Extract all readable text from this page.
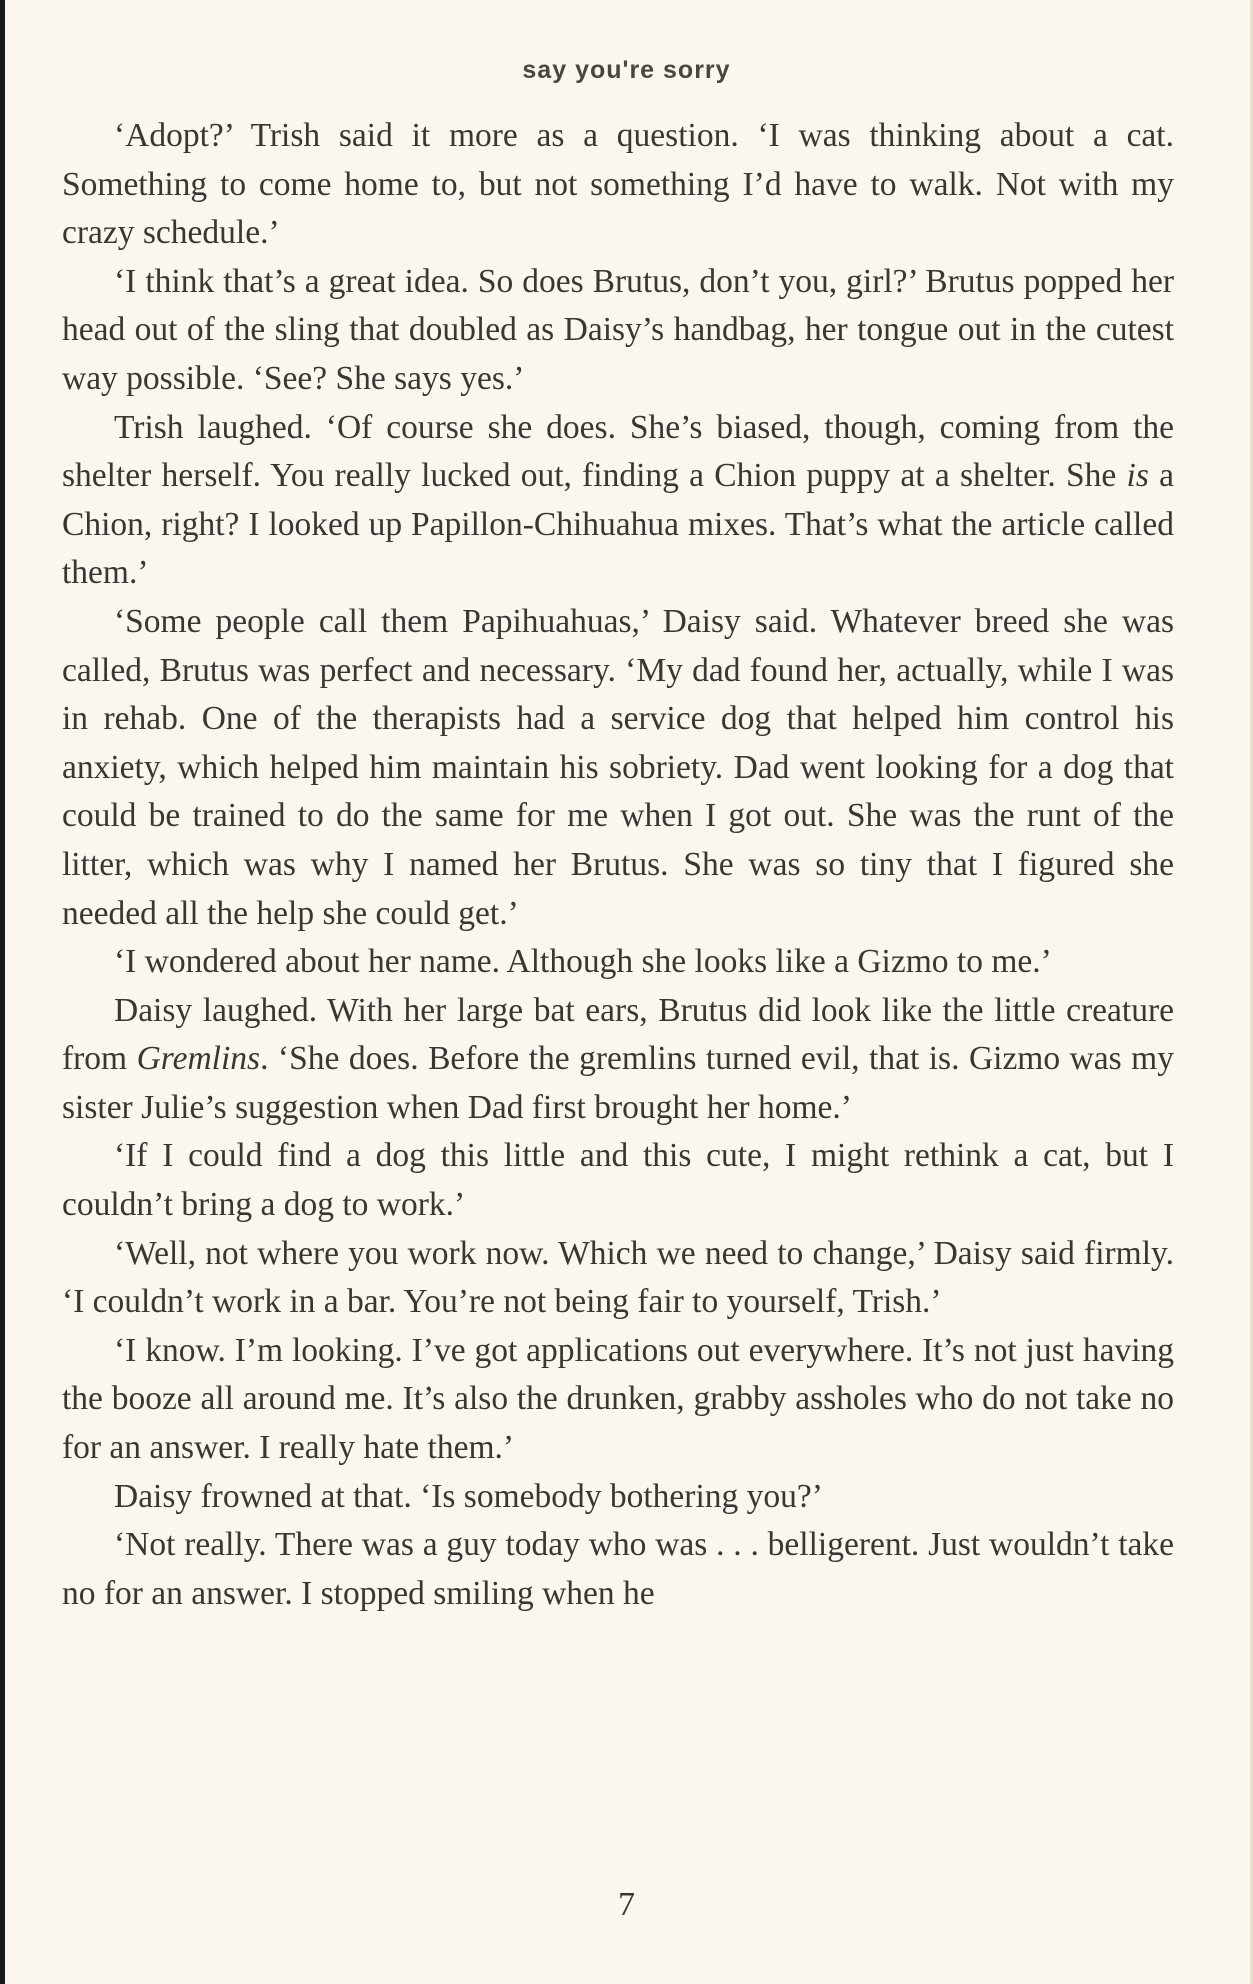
say you're sorry

‘Adopt?’ Trish said it more as a question. ‘I was thinking about a cat. Something to come home to, but not something I’d have to walk. Not with my crazy schedule.’

‘I think that’s a great idea. So does Brutus, don’t you, girl?’ Brutus popped her head out of the sling that doubled as Daisy’s handbag, her tongue out in the cutest way possible. ‘See? She says yes.’

Trish laughed. ‘Of course she does. She’s biased, though, coming from the shelter herself. You really lucked out, finding a Chion puppy at a shelter. She is a Chion, right? I looked up Papillon-Chihuahua mixes. That’s what the article called them.’

‘Some people call them Papihuahuas,’ Daisy said. Whatever breed she was called, Brutus was perfect and necessary. ‘My dad found her, actually, while I was in rehab. One of the therapists had a service dog that helped him control his anxiety, which helped him maintain his sobriety. Dad went looking for a dog that could be trained to do the same for me when I got out. She was the runt of the litter, which was why I named her Brutus. She was so tiny that I figured she needed all the help she could get.’

‘I wondered about her name. Although she looks like a Gizmo to me.’

Daisy laughed. With her large bat ears, Brutus did look like the little creature from Gremlins. ‘She does. Before the gremlins turned evil, that is. Gizmo was my sister Julie’s suggestion when Dad first brought her home.’

‘If I could find a dog this little and this cute, I might rethink a cat, but I couldn’t bring a dog to work.’

‘Well, not where you work now. Which we need to change,’ Daisy said firmly. ‘I couldn’t work in a bar. You’re not being fair to yourself, Trish.’

‘I know. I’m looking. I’ve got applications out everywhere. It’s not just having the booze all around me. It’s also the drunken, grabby assholes who do not take no for an answer. I really hate them.’

Daisy frowned at that. ‘Is somebody bothering you?’

‘Not really. There was a guy today who was . . . belligerent. Just wouldn’t take no for an answer. I stopped smiling when he

7
